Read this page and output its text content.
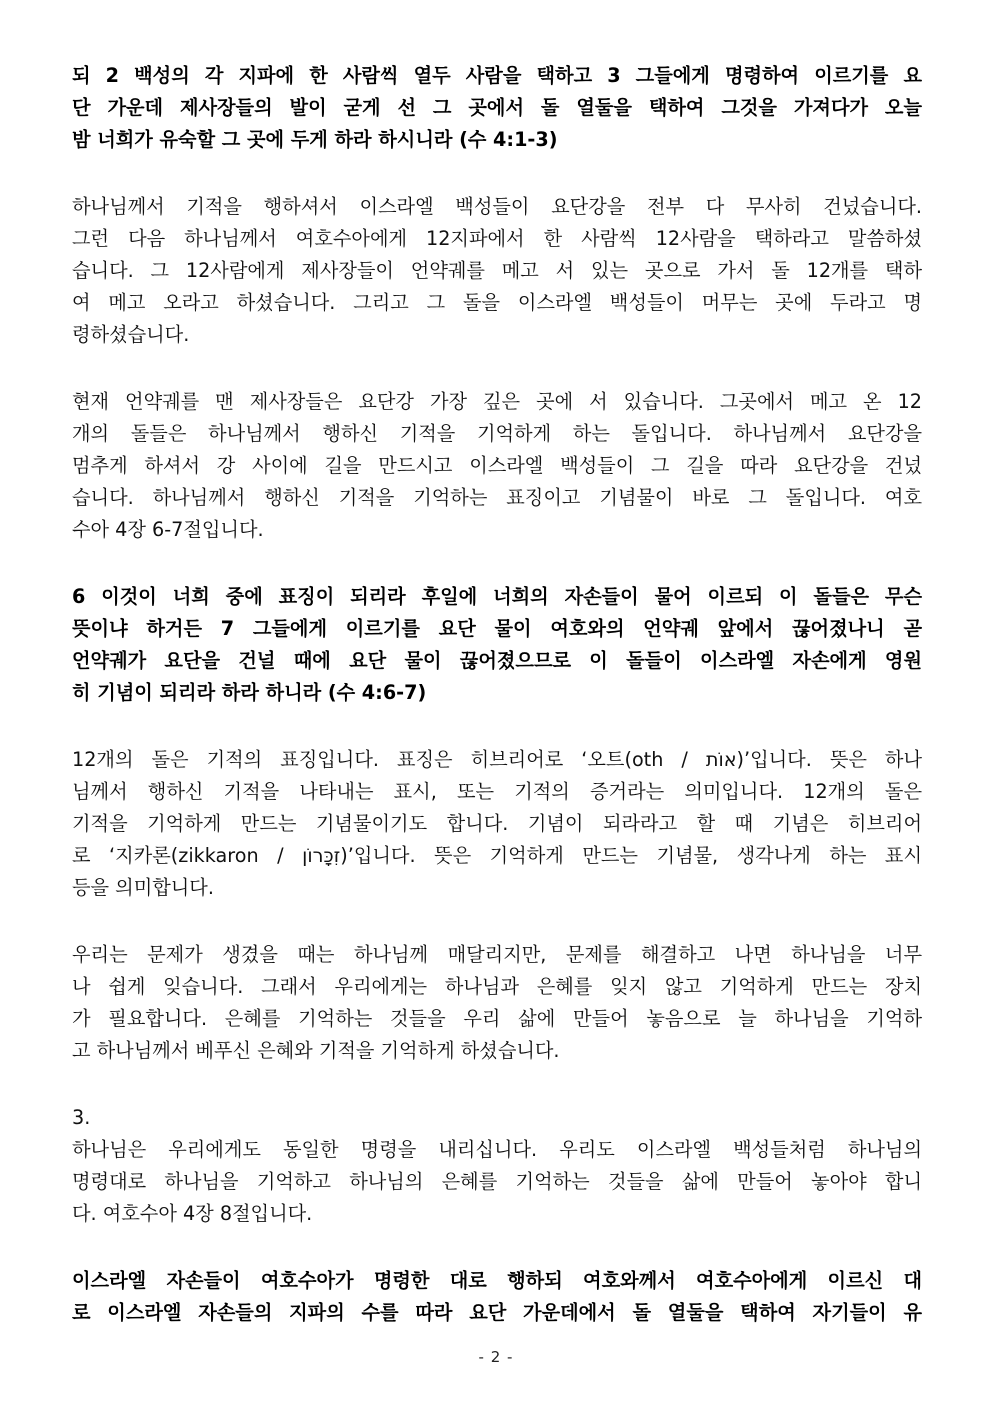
되 2 백성의 각 지파에 한 사람씩 열두 사람을 택하고 3 그들에게 명령하여 이르기를 요
단 가운데 제사장들의 발이 굳게 선 그 곳에서 돌 열둘을 택하여 그것을 가져다가 오늘
밤 너희가 유숙할 그 곳에 두게 하라 하시니라 (수 4:1-3)
하나님께서 기적을 행하셔서 이스라엘 백성들이 요단강을 전부 다 무사히 건넜습니다.
그런 다음 하나님께서 여호수아에게 12지파에서 한 사람씩 12사람을 택하라고 말씀하셨
습니다. 그 12사람에게 제사장들이 언약궤를 메고 서 있는 곳으로 가서 돌 12개를 택하
여 메고 오라고 하셨습니다. 그리고 그 돌을 이스라엘 백성들이 머무는 곳에 두라고 명
령하셨습니다.
현재 언약궤를 맨 제사장들은 요단강 가장 깊은 곳에 서 있습니다. 그곳에서 메고 온 12
개의 돌들은 하나님께서 행하신 기적을 기억하게 하는 돌입니다. 하나님께서 요단강을
멈추게 하셔서 강 사이에 길을 만드시고 이스라엘 백성들이 그 길을 따라 요단강을 건넜
습니다. 하나님께서 행하신 기적을 기억하는 표징이고 기념물이 바로 그 돌입니다. 여호
수아 4장 6-7절입니다.
6 이것이 너희 중에 표징이 되리라 후일에 너희의 자손들이 물어 이르되 이 돌들은 무슨
뜻이냐 하거든 7 그들에게 이르기를 요단 물이 여호와의 언약궤 앞에서 끊어졌나니 곧
언약궤가 요단을 건널 때에 요단 물이 끊어졌으므로 이 돌들이 이스라엘 자손에게 영원
히 기념이 되리라 하라 하니라 (수 4:6-7)
12개의 돌은 기적의 표징입니다. 표징은 히브리어로 ‘오트(oth / אוֹת)’입니다. 뜻은 하나
님께서 행하신 기적을 나타내는 표시, 또는 기적의 증거라는 의미입니다. 12개의 돌은
기적을 기억하게 만드는 기념물이기도 합니다. 기념이 되라라고 할 때 기념은 히브리어
로 ‘지카론(zikkaron / זִכָּרוֹן)’입니다. 뜻은 기억하게 만드는 기념물, 생각나게 하는 표시
등을 의미합니다.
우리는 문제가 생겼을 때는 하나님께 매달리지만, 문제를 해결하고 나면 하나님을 너무
나 쉽게 잊습니다. 그래서 우리에게는 하나님과 은혜를 잊지 않고 기억하게 만드는 장치
가 필요합니다. 은혜를 기억하는 것들을 우리 삶에 만들어 놓음으로 늘 하나님을 기억하
고 하나님께서 베푸신 은혜와 기적을 기억하게 하셨습니다.

3.

하나님은 우리에게도 동일한 명령을 내리십니다. 우리도 이스라엘 백성들처럼 하나님의
명령대로 하나님을 기억하고 하나님의 은혜를 기억하는 것들을 삶에 만들어 놓아야 합니
다. 여호수아 4장 8절입니다.
이스라엘 자손들이 여호수아가 명령한 대로 행하되 여호와께서 여호수아에게 이르신 대
로 이스라엘 자손들의 지파의 수를 따라 요단 가운데에서 돌 열둘을 택하여 자기들이 유
- 2 -
